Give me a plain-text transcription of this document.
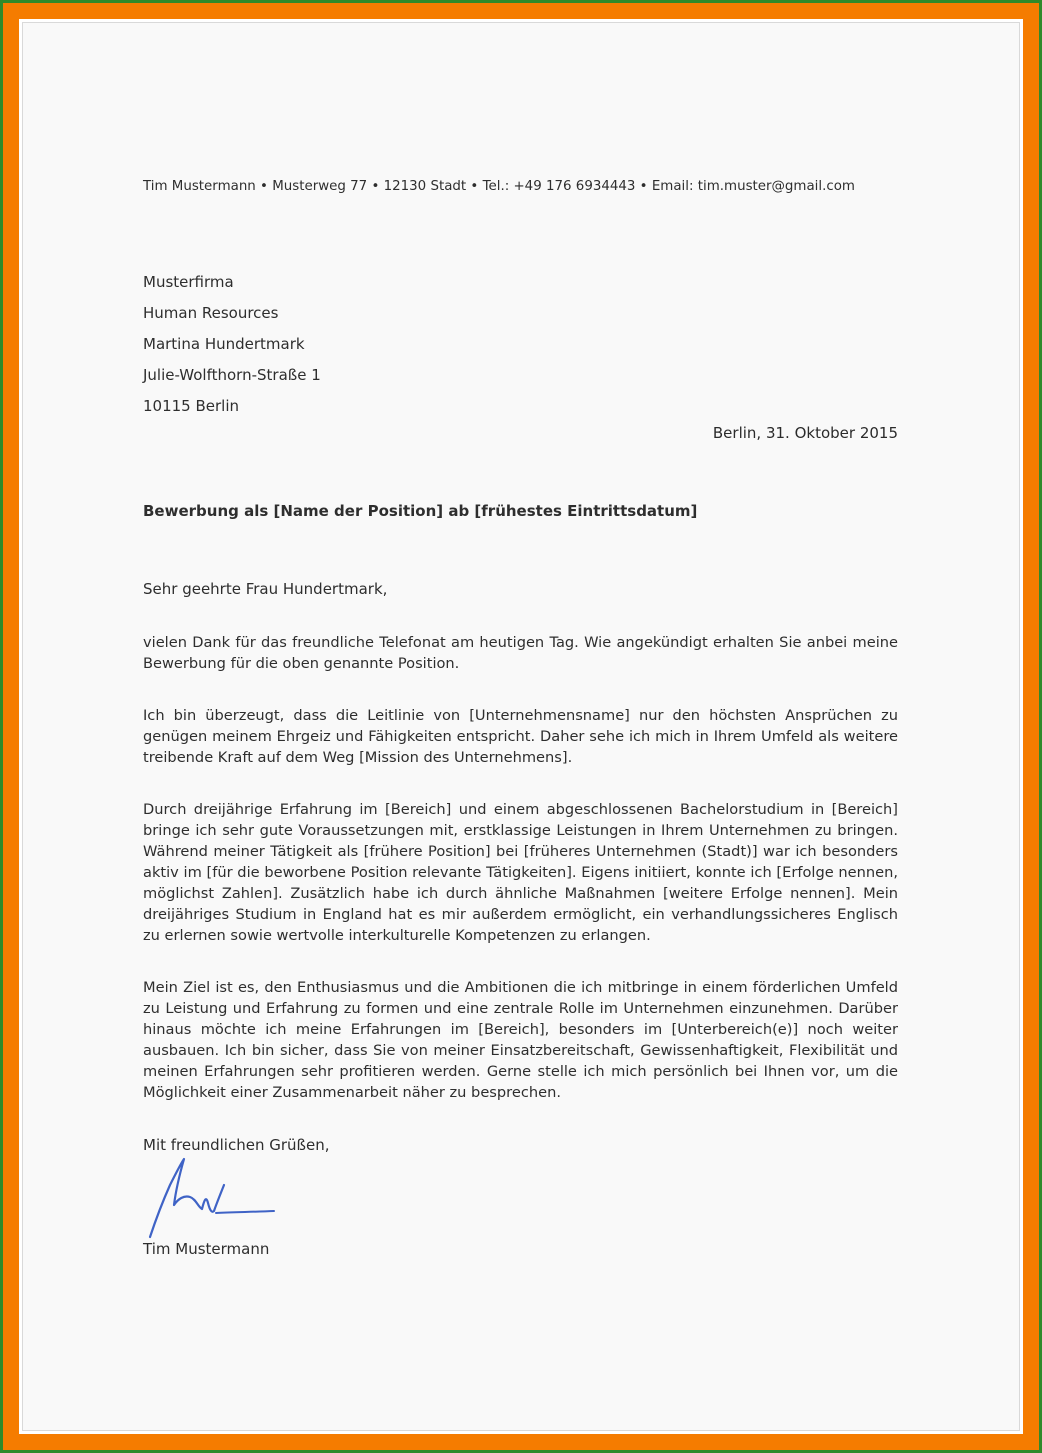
Tim Mustermann • Musterweg 77 • 12130 Stadt • Tel.: +49 176 6934443 • Email: tim.muster@gmail.com
Musterfirma
Human Resources
Martina Hundertmark
Julie-Wolfthorn-Straße 1
10115 Berlin
Berlin, 31. Oktober 2015
Bewerbung als [Name der Position] ab [frühestes Eintrittsdatum]
Sehr geehrte Frau Hundertmark,
vielen Dank für das freundliche Telefonat am heutigen Tag. Wie angekündigt erhalten Sie anbei meine Bewerbung für die oben genannte Position.
Ich bin überzeugt, dass die Leitlinie von [Unternehmensname] nur den höchsten Ansprüchen zu genügen meinem Ehrgeiz und Fähigkeiten entspricht. Daher sehe ich mich in Ihrem Umfeld als weitere treibende Kraft auf dem Weg [Mission des Unternehmens].
Durch dreijährige Erfahrung im [Bereich] und einem abgeschlossenen Bachelorstudium in [Bereich] bringe ich sehr gute Voraussetzungen mit, erstklassige Leistungen in Ihrem Unternehmen zu bringen. Während meiner Tätigkeit als [frühere Position] bei [früheres Unternehmen (Stadt)] war ich besonders aktiv im [für die beworbene Position relevante Tätigkeiten]. Eigens initiiert, konnte ich [Erfolge nennen, möglichst Zahlen]. Zusätzlich habe ich durch ähnliche Maßnahmen [weitere Erfolge nennen]. Mein dreijähriges Studium in England hat es mir außerdem ermöglicht, ein verhandlungssicheres Englisch zu erlernen sowie wertvolle interkulturelle Kompetenzen zu erlangen.
Mein Ziel ist es, den Enthusiasmus und die Ambitionen die ich mitbringe in einem förderlichen Umfeld zu Leistung und Erfahrung zu formen und eine zentrale Rolle im Unternehmen einzunehmen. Darüber hinaus möchte ich meine Erfahrungen im [Bereich], besonders im [Unterbereich(e)] noch weiter ausbauen. Ich bin sicher, dass Sie von meiner Einsatzbereitschaft, Gewissenhaftigkeit, Flexibilität und meinen Erfahrungen sehr profitieren werden. Gerne stelle ich mich persönlich bei Ihnen vor, um die Möglichkeit einer Zusammenarbeit näher zu besprechen.
Mit freundlichen Grüßen,
Tim Mustermann
